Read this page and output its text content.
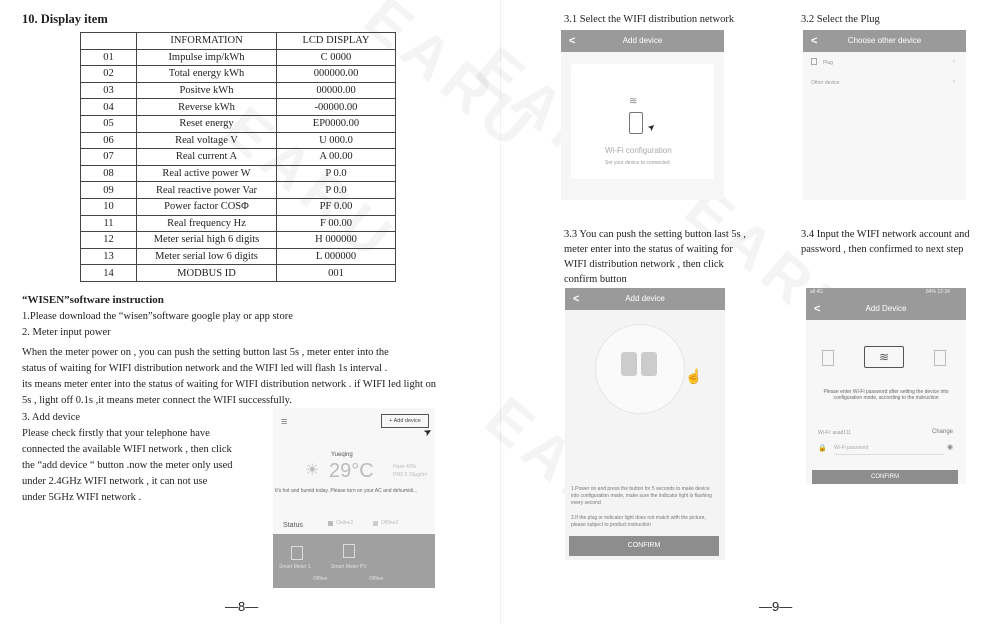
10. Display item
	INFORMATION	LCD DISPLAY
01	Impulse imp/kWh	C 0000
02	Total energy kWh	000000.00
03	Positve kWh	00000.00
04	Reverse kWh	-00000.00
05	Reset energy	EP0000.00
06	Real voltage V	U 000.0
07	Real current A	A 00.00
08	Real active power W	P 0.0
09	Real reactive power Var	P 0.0
10	Power factor COSΦ	PF 0.00
11	Real frequency Hz	F 00.00
12	Meter serial high 6 digits	H 000000
13	Meter serial low 6 digits	L 000000
14	MODBUS ID	001
“WISEN”software instruction
1.Please download the “wisen”software google play or app store
2. Meter input power
When the meter power on , you can push the setting button last 5s , meter enter into the
status of waiting for WIFI distribution network and the WIFI led will flash 1s interval .
its means meter enter into the status of waiting for WIFI distribution network . if WIFI led light on
5s , light off 0.1s ,it means meter connect the WIFI successfully.
3. Add device
Please check firstly that your telephone have
connected the available WIFI network , then click
the “add device “ button .now the meter only used
under 2.4GHz WIFI network , it can not use
under 5GHz WIFI network .
≡	+ Add device
➤
Yueqing
☀ 29°C	Haze 40%
PM2.5 19μg/m³
It's hot and humid today. Please turn on your AC and dehumidi...
Status	Online2	Offline2
Smart Meter 1	Smart Meter PV
Offline	Offline
—8—
3.1 Select the WIFI distribution network
<	Add device
≋
➤
Wi-Fi configuration
Set your device to connected
3.2 Select the Plug
<	Choose other device
Plug	›
Other device	›
3.3 You can push the setting button last 5s ,
meter enter into the status of waiting for
WIFI distribution network , then click
confirm button
<	Add device
☝
1.Power on and press the button for 5 seconds to make device into configuration mode, make sure the indicator light is flashing every second
2.If the plug or indicator light does not match with the picture, please subject to product instruction
CONFIRM
3.4 Input the WIFI network account and
password , then confirmed to next step
all 4G	84% 12:34
<	Add Device
≋
Please enter Wi-Fi password after setting the device into configuration mode, according to the instruction
Wi-Fi: asad111	Change
🔒 Wi-Fi password	◉
CONFIRM
—9—
